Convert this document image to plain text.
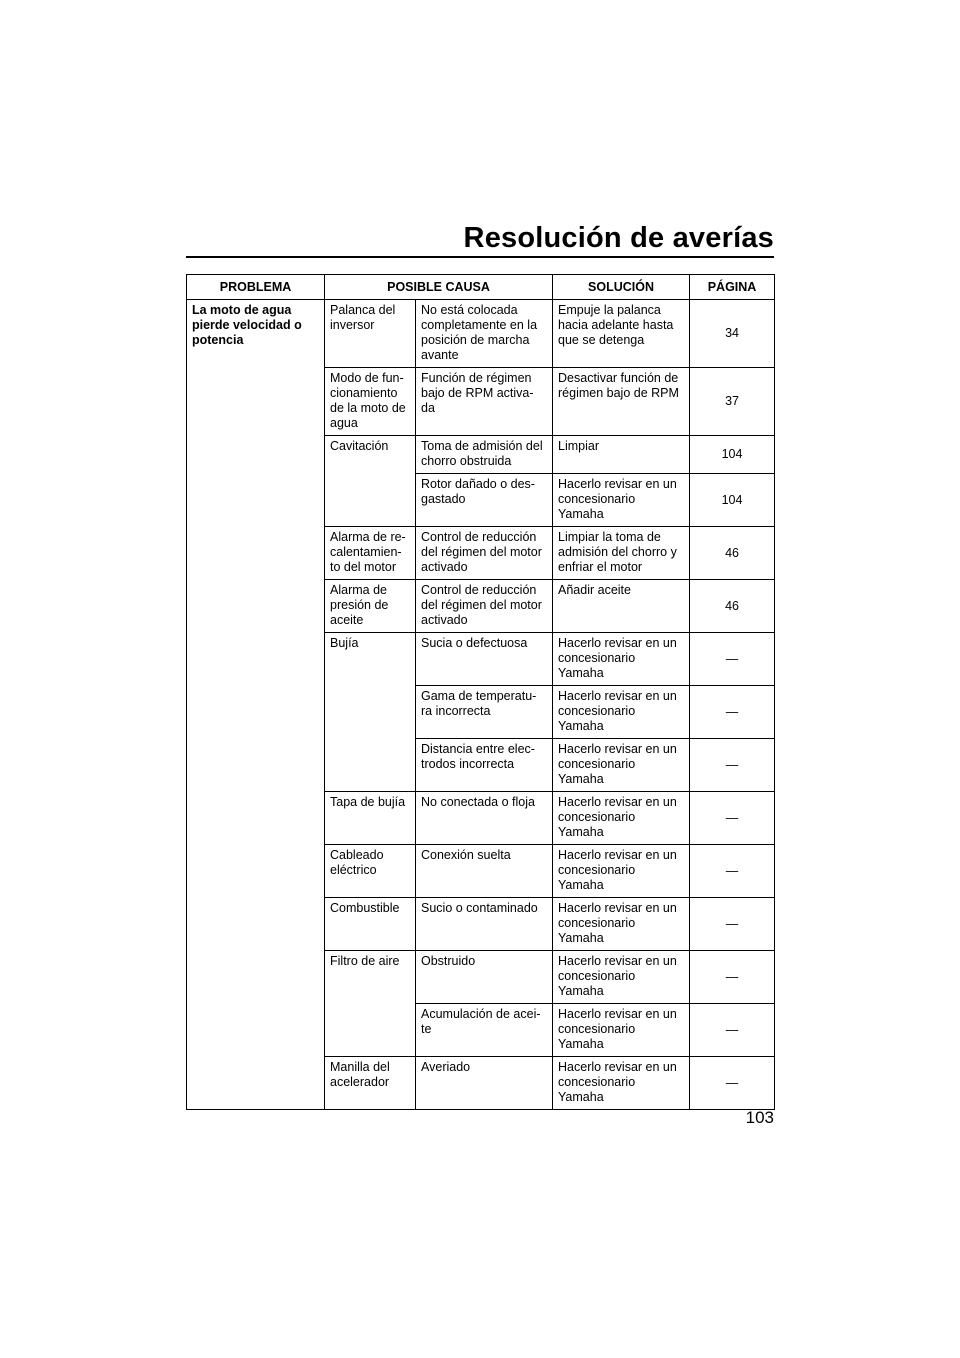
Resolución de averías
PROBLEMA	POSIBLE CAUSA		SOLUCIÓN	PÁGINA
La moto de agua
pierde velocidad o
potencia	Palanca del
inversor	No está colocada
completamente en la
posición de marcha
avante	Empuje la palanca
hacia adelante hasta
que se detenga	34
	Modo de fun-
cionamiento
de la moto de
agua	Función de régimen
bajo de RPM activa-
da	Desactivar función de
régimen bajo de RPM	37
	Cavitación	Toma de admisión del
chorro obstruida	Limpiar	104
		Rotor dañado o des-
gastado	Hacerlo revisar en un
concesionario
Yamaha	104
	Alarma de re-
calentamien-
to del motor	Control de reducción
del régimen del motor
activado	Limpiar la toma de
admisión del chorro y
enfriar el motor	46
	Alarma de
presión de
aceite	Control de reducción
del régimen del motor
activado	Añadir aceite	46
	Bujía	Sucia o defectuosa	Hacerlo revisar en un
concesionario
Yamaha	—
		Gama de temperatu-
ra incorrecta	Hacerlo revisar en un
concesionario
Yamaha	—
		Distancia entre elec-
trodos incorrecta	Hacerlo revisar en un
concesionario
Yamaha	—
	Tapa de bujía	No conectada o floja	Hacerlo revisar en un
concesionario
Yamaha	—
	Cableado
eléctrico	Conexión suelta	Hacerlo revisar en un
concesionario
Yamaha	—
	Combustible	Sucio o contaminado	Hacerlo revisar en un
concesionario
Yamaha	—
	Filtro de aire	Obstruido	Hacerlo revisar en un
concesionario
Yamaha	—
		Acumulación de acei-
te	Hacerlo revisar en un
concesionario
Yamaha	—
	Manilla del
acelerador	Averiado	Hacerlo revisar en un
concesionario
Yamaha	—
103
